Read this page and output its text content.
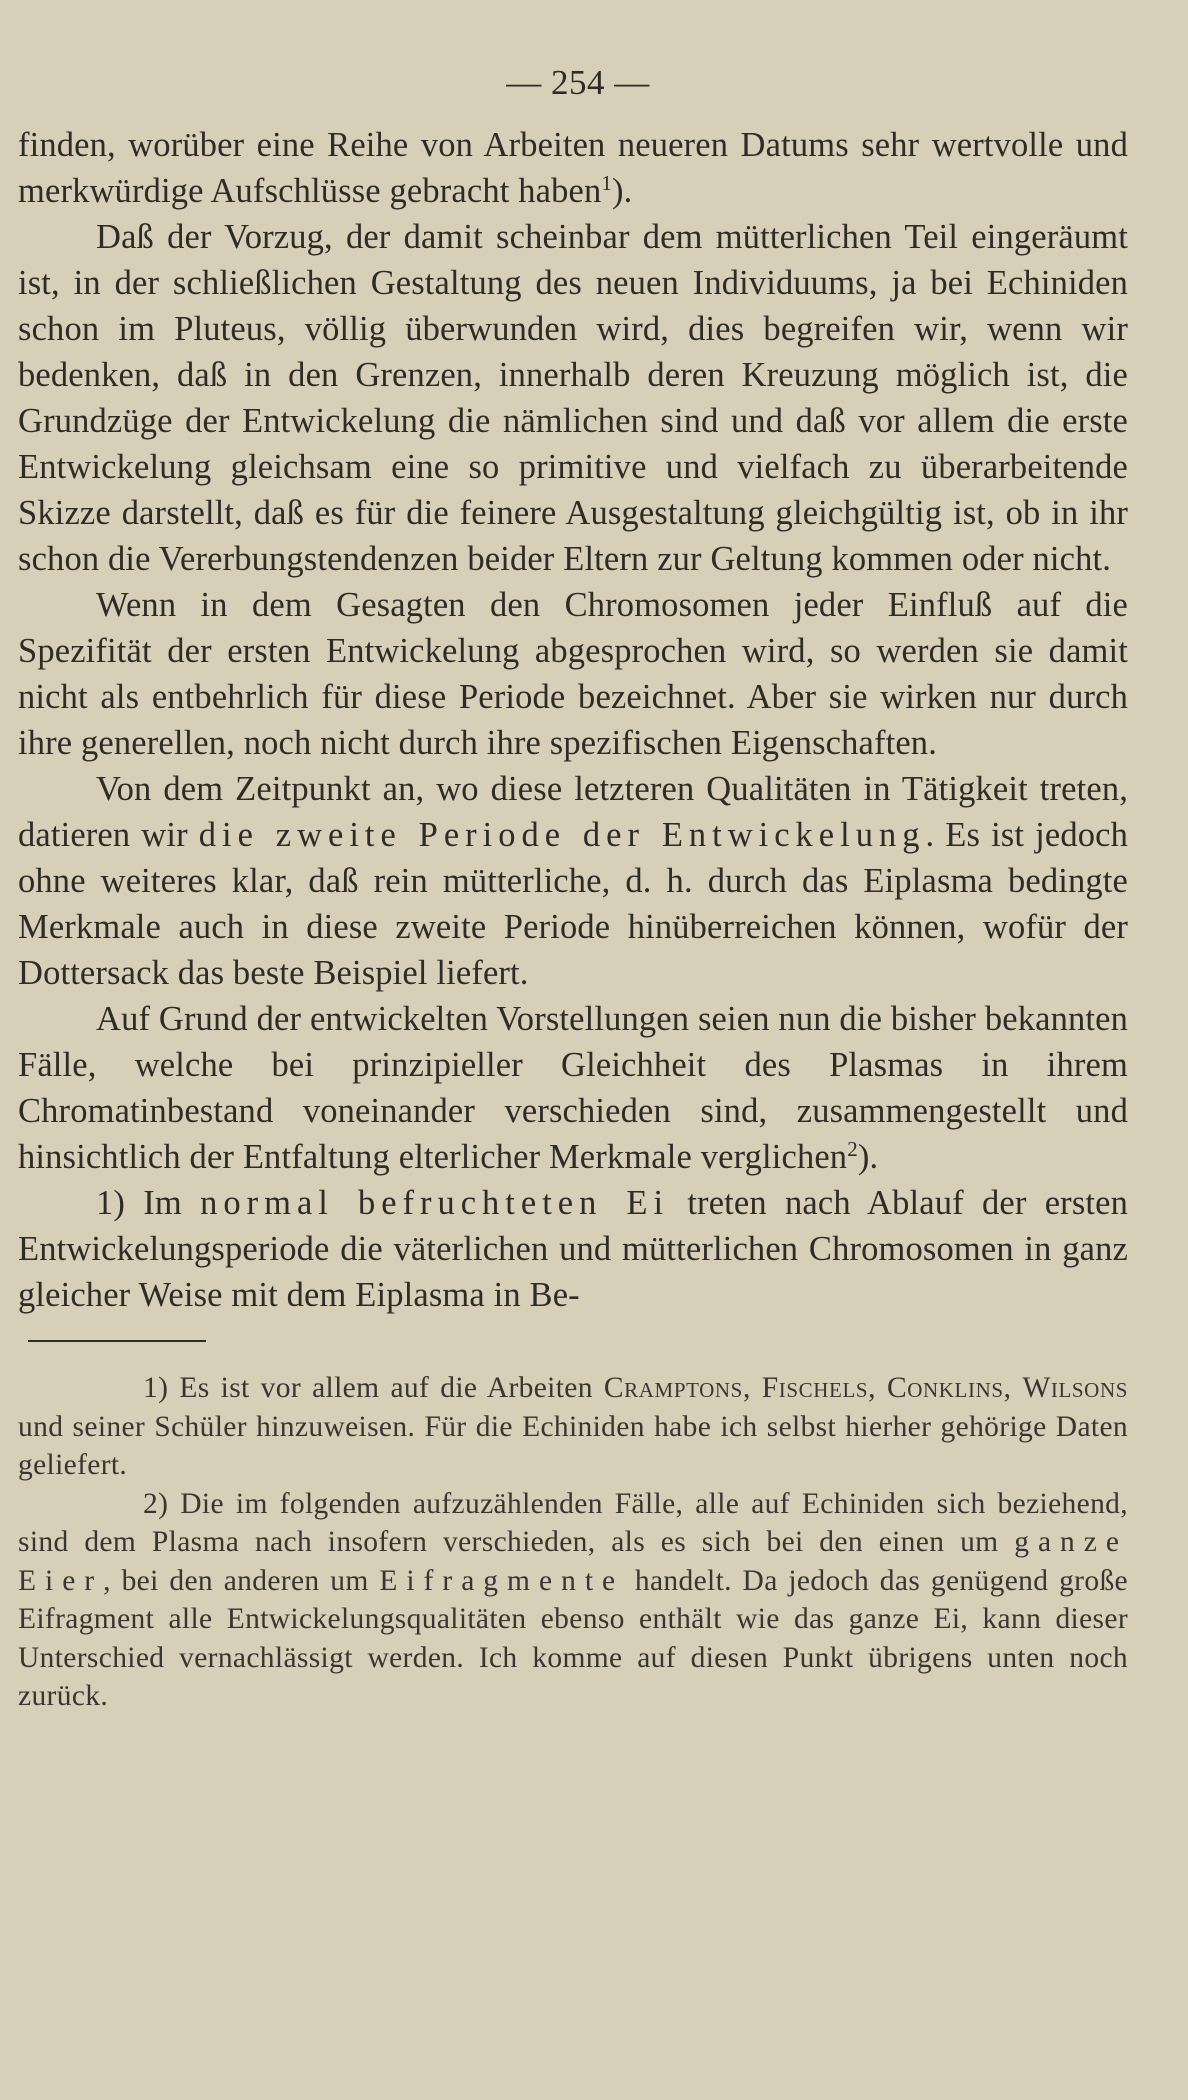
— 254 —

finden, worüber eine Reihe von Arbeiten neueren Datums sehr wertvolle und merkwürdige Aufschlüsse gebracht haben$^1$).

Daß der Vorzug, der damit scheinbar dem mütterlichen Teil eingeräumt ist, in der schließlichen Gestaltung des neuen Individuums, ja bei Echiniden schon im Pluteus, völlig überwunden wird, dies begreifen wir, wenn wir bedenken, daß in den Grenzen, innerhalb deren Kreuzung möglich ist, die Grundzüge der Entwickelung die nämlichen sind und daß vor allem die erste Entwickelung gleichsam eine so primitive und vielfach zu überarbeitende Skizze darstellt, daß es für die feinere Ausgestaltung gleichgültig ist, ob in ihr schon die Vererbungstendenzen beider Eltern zur Geltung kommen oder nicht.

Wenn in dem Gesagten den Chromosomen jeder Einfluß auf die Spezifität der ersten Entwickelung abgesprochen wird, so werden sie damit nicht als entbehrlich für diese Periode bezeichnet. Aber sie wirken nur durch ihre generellen, noch nicht durch ihre spezifischen Eigenschaften.

Von dem Zeitpunkt an, wo diese letzteren Qualitäten in Tätigkeit treten, datieren wir die zweite Periode der Entwickelung. Es ist jedoch ohne weiteres klar, daß rein mütterliche, d. h. durch das Eiplasma bedingte Merkmale auch in diese zweite Periode hinüberreichen können, wofür der Dottersack das beste Beispiel liefert.

Auf Grund der entwickelten Vorstellungen seien nun die bisher bekannten Fälle, welche bei prinzipieller Gleichheit des Plasmas in ihrem Chromatinbestand voneinander verschieden sind, zusammengestellt und hinsichtlich der Entfaltung elterlicher Merkmale verglichen$^2$).

1) Im normal befruchteten Ei treten nach Ablauf der ersten Entwickelungsperiode die väterlichen und mütterlichen Chromosomen in ganz gleicher Weise mit dem Eiplasma in Be-

1) Es ist vor allem auf die Arbeiten Cramptons, Fischels, Conklins, Wilsons und seiner Schüler hinzuweisen. Für die Echiniden habe ich selbst hierher gehörige Daten geliefert.

2) Die im folgenden aufzuzählenden Fälle, alle auf Echiniden sich beziehend, sind dem Plasma nach insofern verschieden, als es sich bei den einen um ganze Eier, bei den anderen um Eifragmente handelt. Da jedoch das genügend große Eifragment alle Entwickelungsqualitäten ebenso enthält wie das ganze Ei, kann dieser Unterschied vernachlässigt werden. Ich komme auf diesen Punkt übrigens unten noch zurück.
